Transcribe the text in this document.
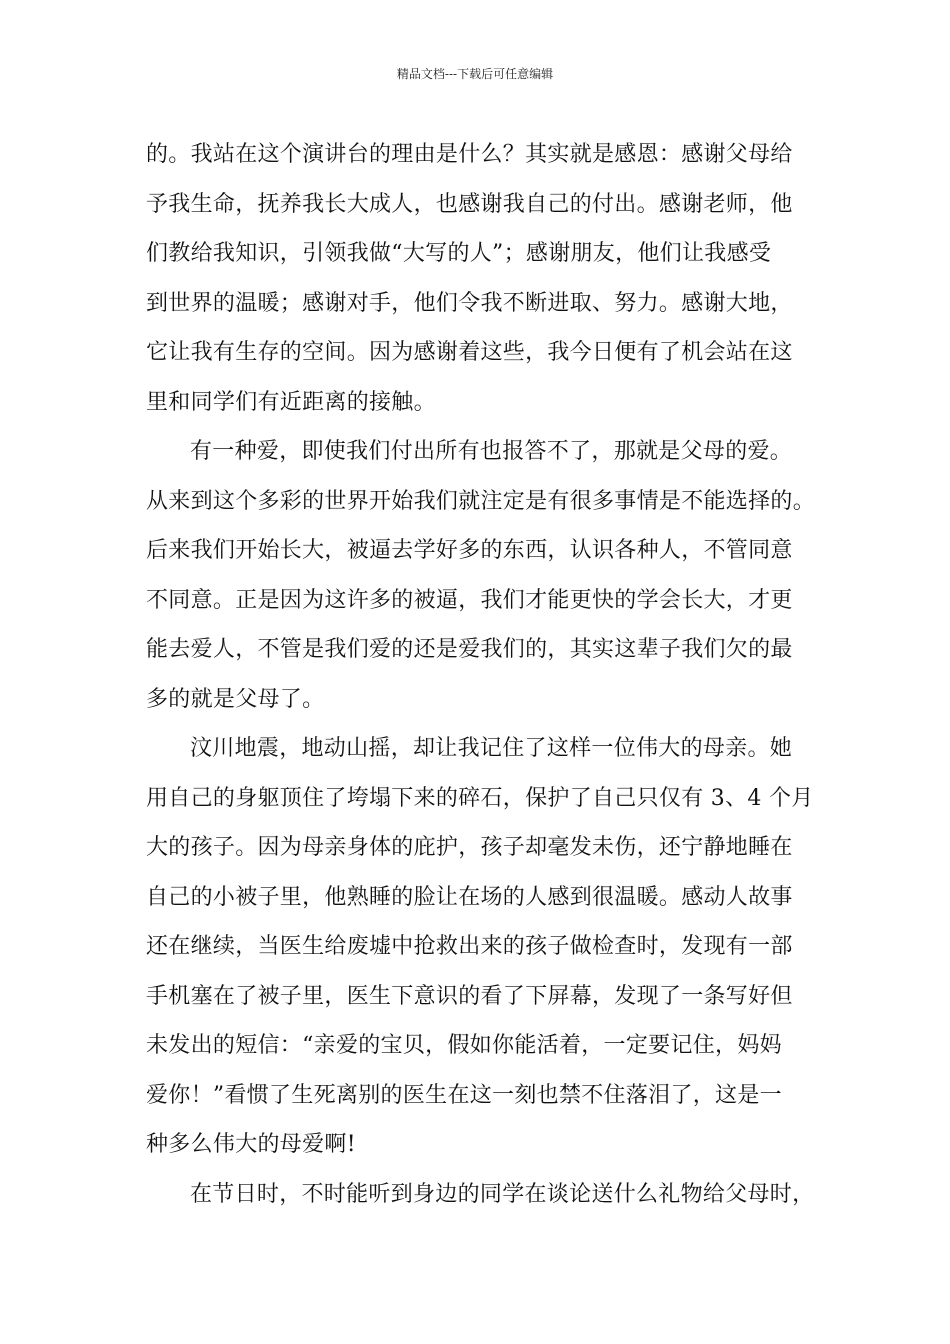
精品文档---下载后可任意编辑
的。我站在这个演讲台的理由是什么？其实就是感恩：感谢父母给
予我生命，抚养我长大成人，也感谢我自己的付出。感谢老师，他
们教给我知识，引领我做“大写的人”；感谢朋友，他们让我感受
到世界的温暖；感谢对手，他们令我不断进取、努力。感谢大地，
它让我有生存的空间。因为感谢着这些，我今日便有了机会站在这
里和同学们有近距离的接触。
有一种爱，即使我们付出所有也报答不了，那就是父母的爱。
从来到这个多彩的世界开始我们就注定是有很多事情是不能选择的。
后来我们开始长大，被逼去学好多的东西，认识各种人，不管同意
不同意。正是因为这许多的被逼，我们才能更快的学会长大，才更
能去爱人，不管是我们爱的还是爱我们的，其实这辈子我们欠的最
多的就是父母了。
汶川地震，地动山摇，却让我记住了这样一位伟大的母亲。她
用自己的身躯顶住了垮塌下来的碎石，保护了自己只仅有 3、4 个月
大的孩子。因为母亲身体的庇护，孩子却毫发未伤，还宁静地睡在
自己的小被子里，他熟睡的脸让在场的人感到很温暖。感动人故事
还在继续，当医生给废墟中抢救出来的孩子做检查时，发现有一部
手机塞在了被子里，医生下意识的看了下屏幕，发现了一条写好但
未发出的短信：“亲爱的宝贝，假如你能活着，一定要记住，妈妈
爱你！”看惯了生死离别的医生在这一刻也禁不住落泪了，这是一
种多么伟大的母爱啊!
在节日时，不时能听到身边的同学在谈论送什么礼物给父母时，
